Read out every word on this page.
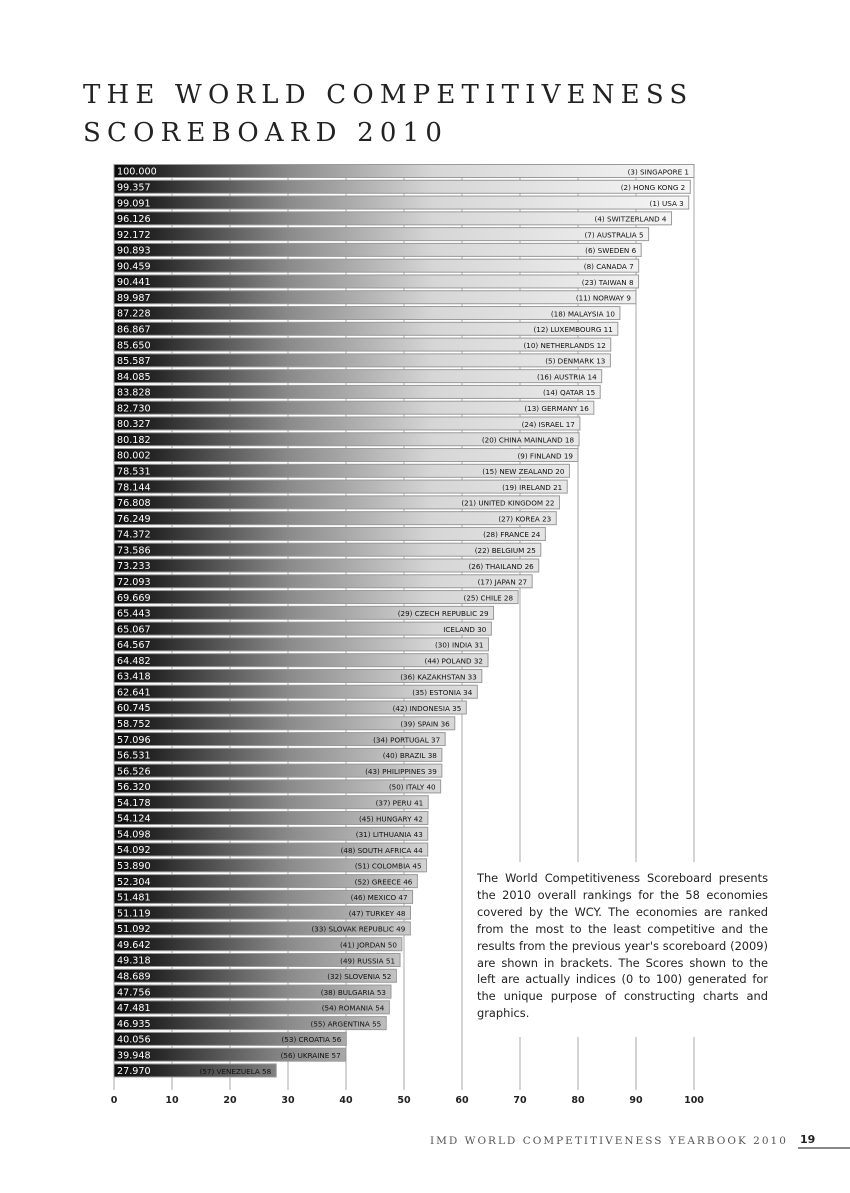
THE WORLD COMPETITIVENESS
SCOREBOARD 2010
100.000	(3) SINGAPORE 1
99.357	(2) HONG KONG 2
99.091	(1) USA 3
96.126	(4) SWITZERLAND 4
92.172	(7) AUSTRALIA 5
90.893	(6) SWEDEN 6
90.459	(8) CANADA 7
90.441	(23) TAIWAN 8
89.987	(11) NORWAY 9
87.228	(18) MALAYSIA 10
86.867	(12) LUXEMBOURG 11
85.650	(10) NETHERLANDS 12
85.587	(5) DENMARK 13
84.085	(16) AUSTRIA 14
83.828	(14) QATAR 15
82.730	(13) GERMANY 16
80.327	(24) ISRAEL 17
80.182	(20) CHINA MAINLAND 18
80.002	(9) FINLAND 19
78.531	(15) NEW ZEALAND 20
78.144	(19) IRELAND 21
76.808	(21) UNITED KINGDOM 22
76.249	(27) KOREA 23
74.372	(28) FRANCE 24
73.586	(22) BELGIUM 25
73.233	(26) THAILAND 26
72.093	(17) JAPAN 27
69.669	(25) CHILE 28
65.443	(29) CZECH REPUBLIC 29
65.067	ICELAND 30
64.567	(30) INDIA 31
64.482	(44) POLAND 32
63.418	(36) KAZAKHSTAN 33
62.641	(35) ESTONIA 34
60.745	(42) INDONESIA 35
58.752	(39) SPAIN 36
57.096	(34) PORTUGAL 37
56.531	(40) BRAZIL 38
56.526	(43) PHILIPPINES 39
56.320	(50) ITALY 40
54.178	(37) PERU 41
54.124	(45) HUNGARY 42
54.098	(31) LITHUANIA 43
54.092	(48) SOUTH AFRICA 44
53.890	(51) COLOMBIA 45
52.304	(52) GREECE 46
51.481	(46) MEXICO 47
51.119	(47) TURKEY 48
51.092	(33) SLOVAK REPUBLIC 49
49.642	(41) JORDAN 50
49.318	(49) RUSSIA 51
48.689	(32) SLOVENIA 52
47.756	(38) BULGARIA 53
47.481	(54) ROMANIA 54
46.935	(55) ARGENTINA 55
40.056	(53) CROATIA 56
39.948	(56) UKRAINE 57
27.970	(57) VENEZUELA 58
0	10	20	30	40	50	60	70	80	90	100

The World Competitiveness Scoreboard presents the 2010 overall rankings for the 58 economies covered by the WCY. The economies are ranked from the most to the least competitive and the results from the previous year's scoreboard (2009) are shown in brackets. The Scores shown to the left are actually indices (0 to 100) generated for the unique purpose of constructing charts and graphics.

IMD WORLD COMPETITIVENESS YEARBOOK 2010 19
